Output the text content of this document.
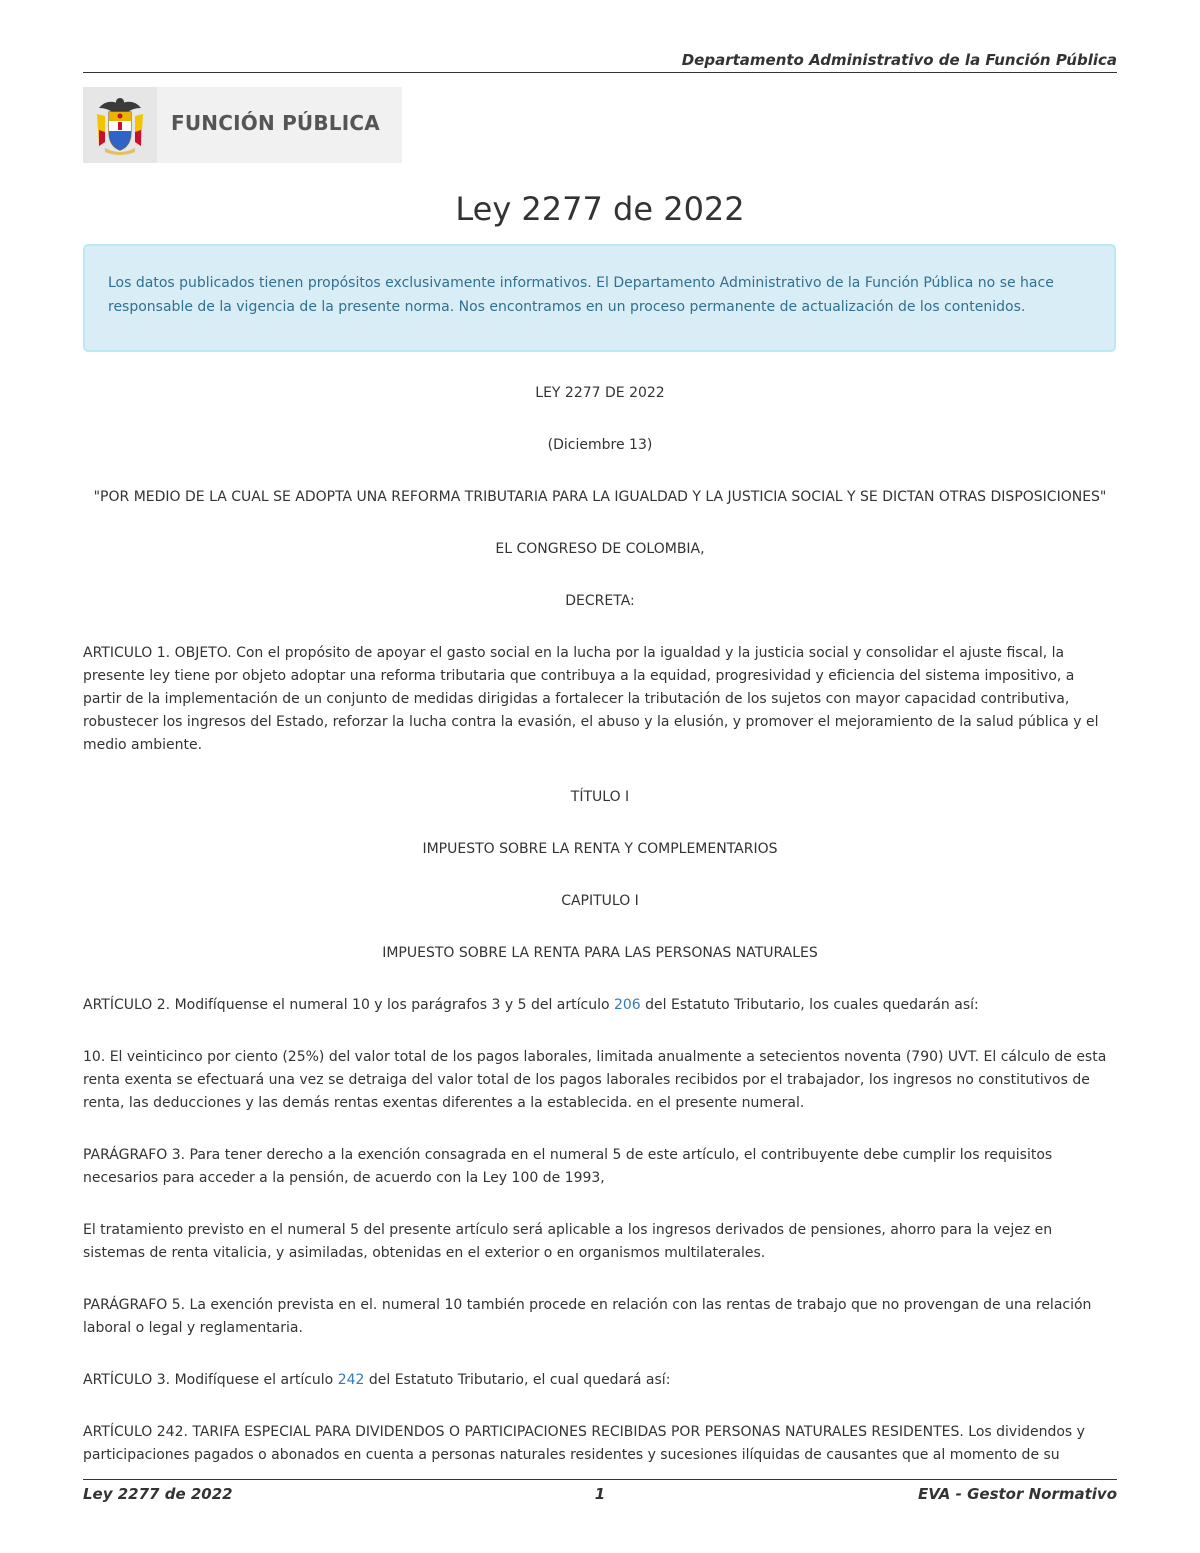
Departamento Administrativo de la Función Pública
FUNCIÓN PÚBLICA
Ley 2277 de 2022
Los datos publicados tienen propósitos exclusivamente informativos. El Departamento Administrativo de la Función Pública no se hace responsable de la vigencia de la presente norma. Nos encontramos en un proceso permanente de actualización de los contenidos.

LEY 2277 DE 2022

(Diciembre 13)

"POR MEDIO DE LA CUAL SE ADOPTA UNA REFORMA TRIBUTARIA PARA LA IGUALDAD Y LA JUSTICIA SOCIAL Y SE DICTAN OTRAS DISPOSICIONES"

EL CONGRESO DE COLOMBIA,

DECRETA:

ARTICULO 1. OBJETO. Con el propósito de apoyar el gasto social en la lucha por la igualdad y la justicia social y consolidar el ajuste fiscal, la presente ley tiene por objeto adoptar una reforma tributaria que contribuya a la equidad, progresividad y eficiencia del sistema impositivo, a partir de la implementación de un conjunto de medidas dirigidas a fortalecer la tributación de los sujetos con mayor capacidad contributiva, robustecer los ingresos del Estado, reforzar la lucha contra la evasión, el abuso y la elusión, y promover el mejoramiento de la salud pública y el medio ambiente.

TÍTULO I

IMPUESTO SOBRE LA RENTA Y COMPLEMENTARIOS

CAPITULO I

IMPUESTO SOBRE LA RENTA PARA LAS PERSONAS NATURALES

ARTÍCULO 2. Modifíquense el numeral 10 y los parágrafos 3 y 5 del artículo 206 del Estatuto Tributario, los cuales quedarán así:

10. El veinticinco por ciento (25%) del valor total de los pagos laborales, limitada anualmente a setecientos noventa (790) UVT. El cálculo de esta renta exenta se efectuará una vez se detraiga del valor total de los pagos laborales recibidos por el trabajador, los ingresos no constitutivos de renta, las deducciones y las demás rentas exentas diferentes a la establecida. en el presente numeral.

PARÁGRAFO 3. Para tener derecho a la exención consagrada en el numeral 5 de este artículo, el contribuyente debe cumplir los requisitos necesarios para acceder a la pensión, de acuerdo con la Ley 100 de 1993,

El tratamiento previsto en el numeral 5 del presente artículo será aplicable a los ingresos derivados de pensiones, ahorro para la vejez en sistemas de renta vitalicia, y asimiladas, obtenidas en el exterior o en organismos multilaterales.

PARÁGRAFO 5. La exención prevista en el. numeral 10 también procede en relación con las rentas de trabajo que no provengan de una relación laboral o legal y reglamentaria.

ARTÍCULO 3. Modifíquese el artículo 242 del Estatuto Tributario, el cual quedará así:

ARTÍCULO 242. TARIFA ESPECIAL PARA DIVIDENDOS O PARTICIPACIONES RECIBIDAS POR PERSONAS NATURALES RESIDENTES. Los dividendos y participaciones pagados o abonados en cuenta a personas naturales residentes y sucesiones ilíquidas de causantes que al momento de su

Ley 2277 de 2022	1	EVA - Gestor Normativo
